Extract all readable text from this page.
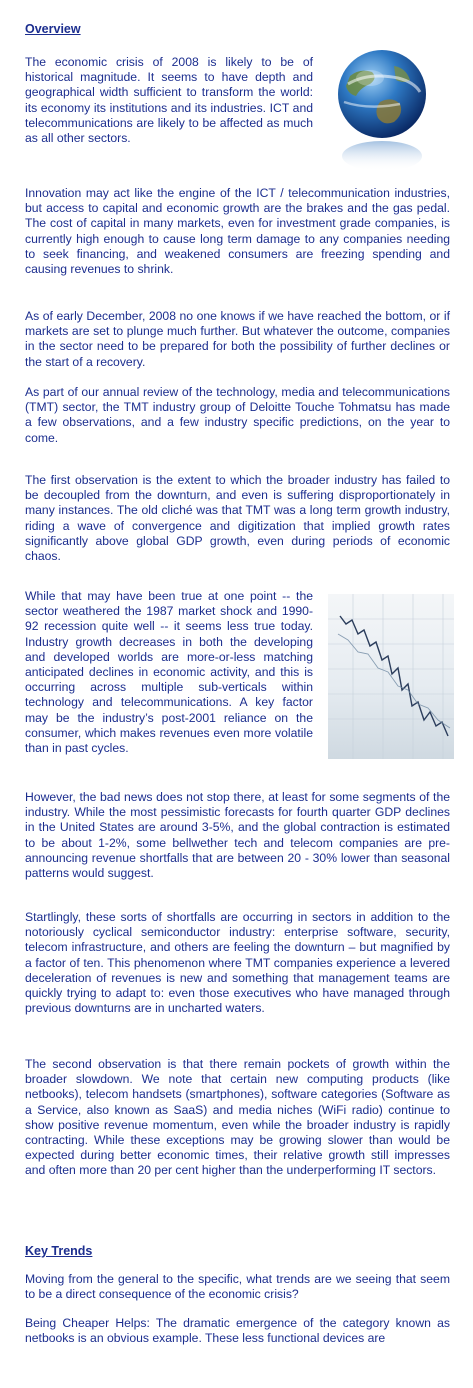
Overview

The economic crisis of 2008 is likely to be of historical magnitude. It seems to have depth and geographical width sufficient to transform the world: its economy its institutions and its industries. ICT and telecommunications are likely to be affected as much as all other sectors.

Innovation may act like the engine of the ICT / telecommunication industries, but access to capital and economic growth are the brakes and the gas pedal. The cost of capital in many markets, even for investment grade companies, is currently high enough to cause long term damage to any companies needing to seek financing, and weakened consumers are freezing spending and causing revenues to shrink.

As of early December, 2008 no one knows if we have reached the bottom, or if markets are set to plunge much further. But whatever the outcome, companies in the sector need to be prepared for both the possibility of further declines or the start of a recovery.

As part of our annual review of the technology, media and telecommunications (TMT) sector, the TMT industry group of Deloitte Touche Tohmatsu has made a few observations, and a few industry specific predictions, on the year to come.

The first observation is the extent to which the broader industry has failed to be decoupled from the downturn, and even is suffering disproportionately in many instances. The old cliché was that TMT was a long term growth industry, riding a wave of convergence and digitization that implied growth rates significantly above global GDP growth, even during periods of economic chaos.

While that may have been true at one point -- the sector weathered the 1987 market shock and 1990-92 recession quite well -- it seems less true today. Industry growth decreases in both the developing and developed worlds are more-or-less matching anticipated declines in economic activity, and this is occurring across multiple sub-verticals within technology and telecommunications. A key factor may be the industry’s post-2001 reliance on the consumer, which makes revenues even more volatile than in past cycles.

However, the bad news does not stop there, at least for some segments of the industry. While the most pessimistic forecasts for fourth quarter GDP declines in the United States are around 3-5%, and the global contraction is estimated to be about 1-2%, some bellwether tech and telecom companies are pre-announcing revenue shortfalls that are between 20 - 30% lower than seasonal patterns would suggest.

Startlingly, these sorts of shortfalls are occurring in sectors in addition to the notoriously cyclical semiconductor industry: enterprise software, security, telecom infrastructure, and others are feeling the downturn – but magnified by a factor of ten. This phenomenon where TMT companies experience a levered deceleration of revenues is new and something that management teams are quickly trying to adapt to: even those executives who have managed through previous downturns are in uncharted waters.

The second observation is that there remain pockets of growth within the broader slowdown. We note that certain new computing products (like netbooks), telecom handsets (smartphones), software categories (Software as a Service, also known as SaaS) and media niches (WiFi radio) continue to show positive revenue momentum, even while the broader industry is rapidly contracting. While these exceptions may be growing slower than would be expected during better economic times, their relative growth still impresses and often more than 20 per cent higher than the underperforming IT sectors.

Key Trends

Moving from the general to the specific, what trends are we seeing that seem to be a direct consequence of the economic crisis?

Being Cheaper Helps: The dramatic emergence of the category known as netbooks is an obvious example. These less functional devices are
